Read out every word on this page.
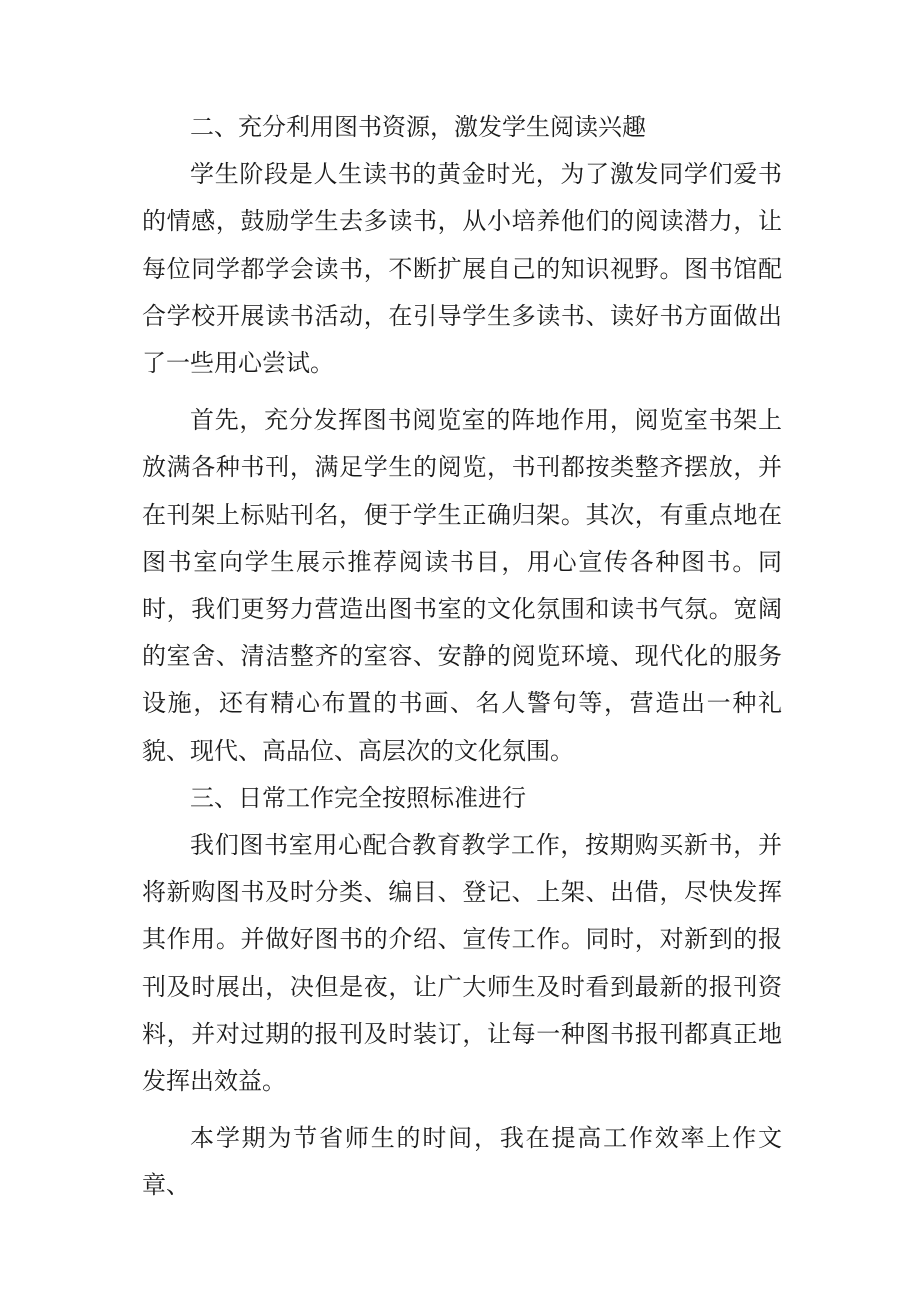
二、充分利用图书资源，激发学生阅读兴趣

学生阶段是人生读书的黄金时光，为了激发同学们爱书的情感，鼓励学生去多读书，从小培养他们的阅读潜力，让每位同学都学会读书，不断扩展自己的知识视野。图书馆配合学校开展读书活动，在引导学生多读书、读好书方面做出了一些用心尝试。

首先，充分发挥图书阅览室的阵地作用，阅览室书架上放满各种书刊，满足学生的阅览，书刊都按类整齐摆放，并在刊架上标贴刊名，便于学生正确归架。其次，有重点地在图书室向学生展示推荐阅读书目，用心宣传各种图书。同时，我们更努力营造出图书室的文化氛围和读书气氛。宽阔的室舍、清洁整齐的室容、安静的阅览环境、现代化的服务设施，还有精心布置的书画、名人警句等，营造出一种礼貌、现代、高品位、高层次的文化氛围。

三、日常工作完全按照标准进行

我们图书室用心配合教育教学工作，按期购买新书，并将新购图书及时分类、编目、登记、上架、出借，尽快发挥其作用。并做好图书的介绍、宣传工作。同时，对新到的报刊及时展出，决但是夜，让广大师生及时看到最新的报刊资料，并对过期的报刊及时装订，让每一种图书报刊都真正地发挥出效益。

本学期为节省师生的时间，我在提高工作效率上作文章、
